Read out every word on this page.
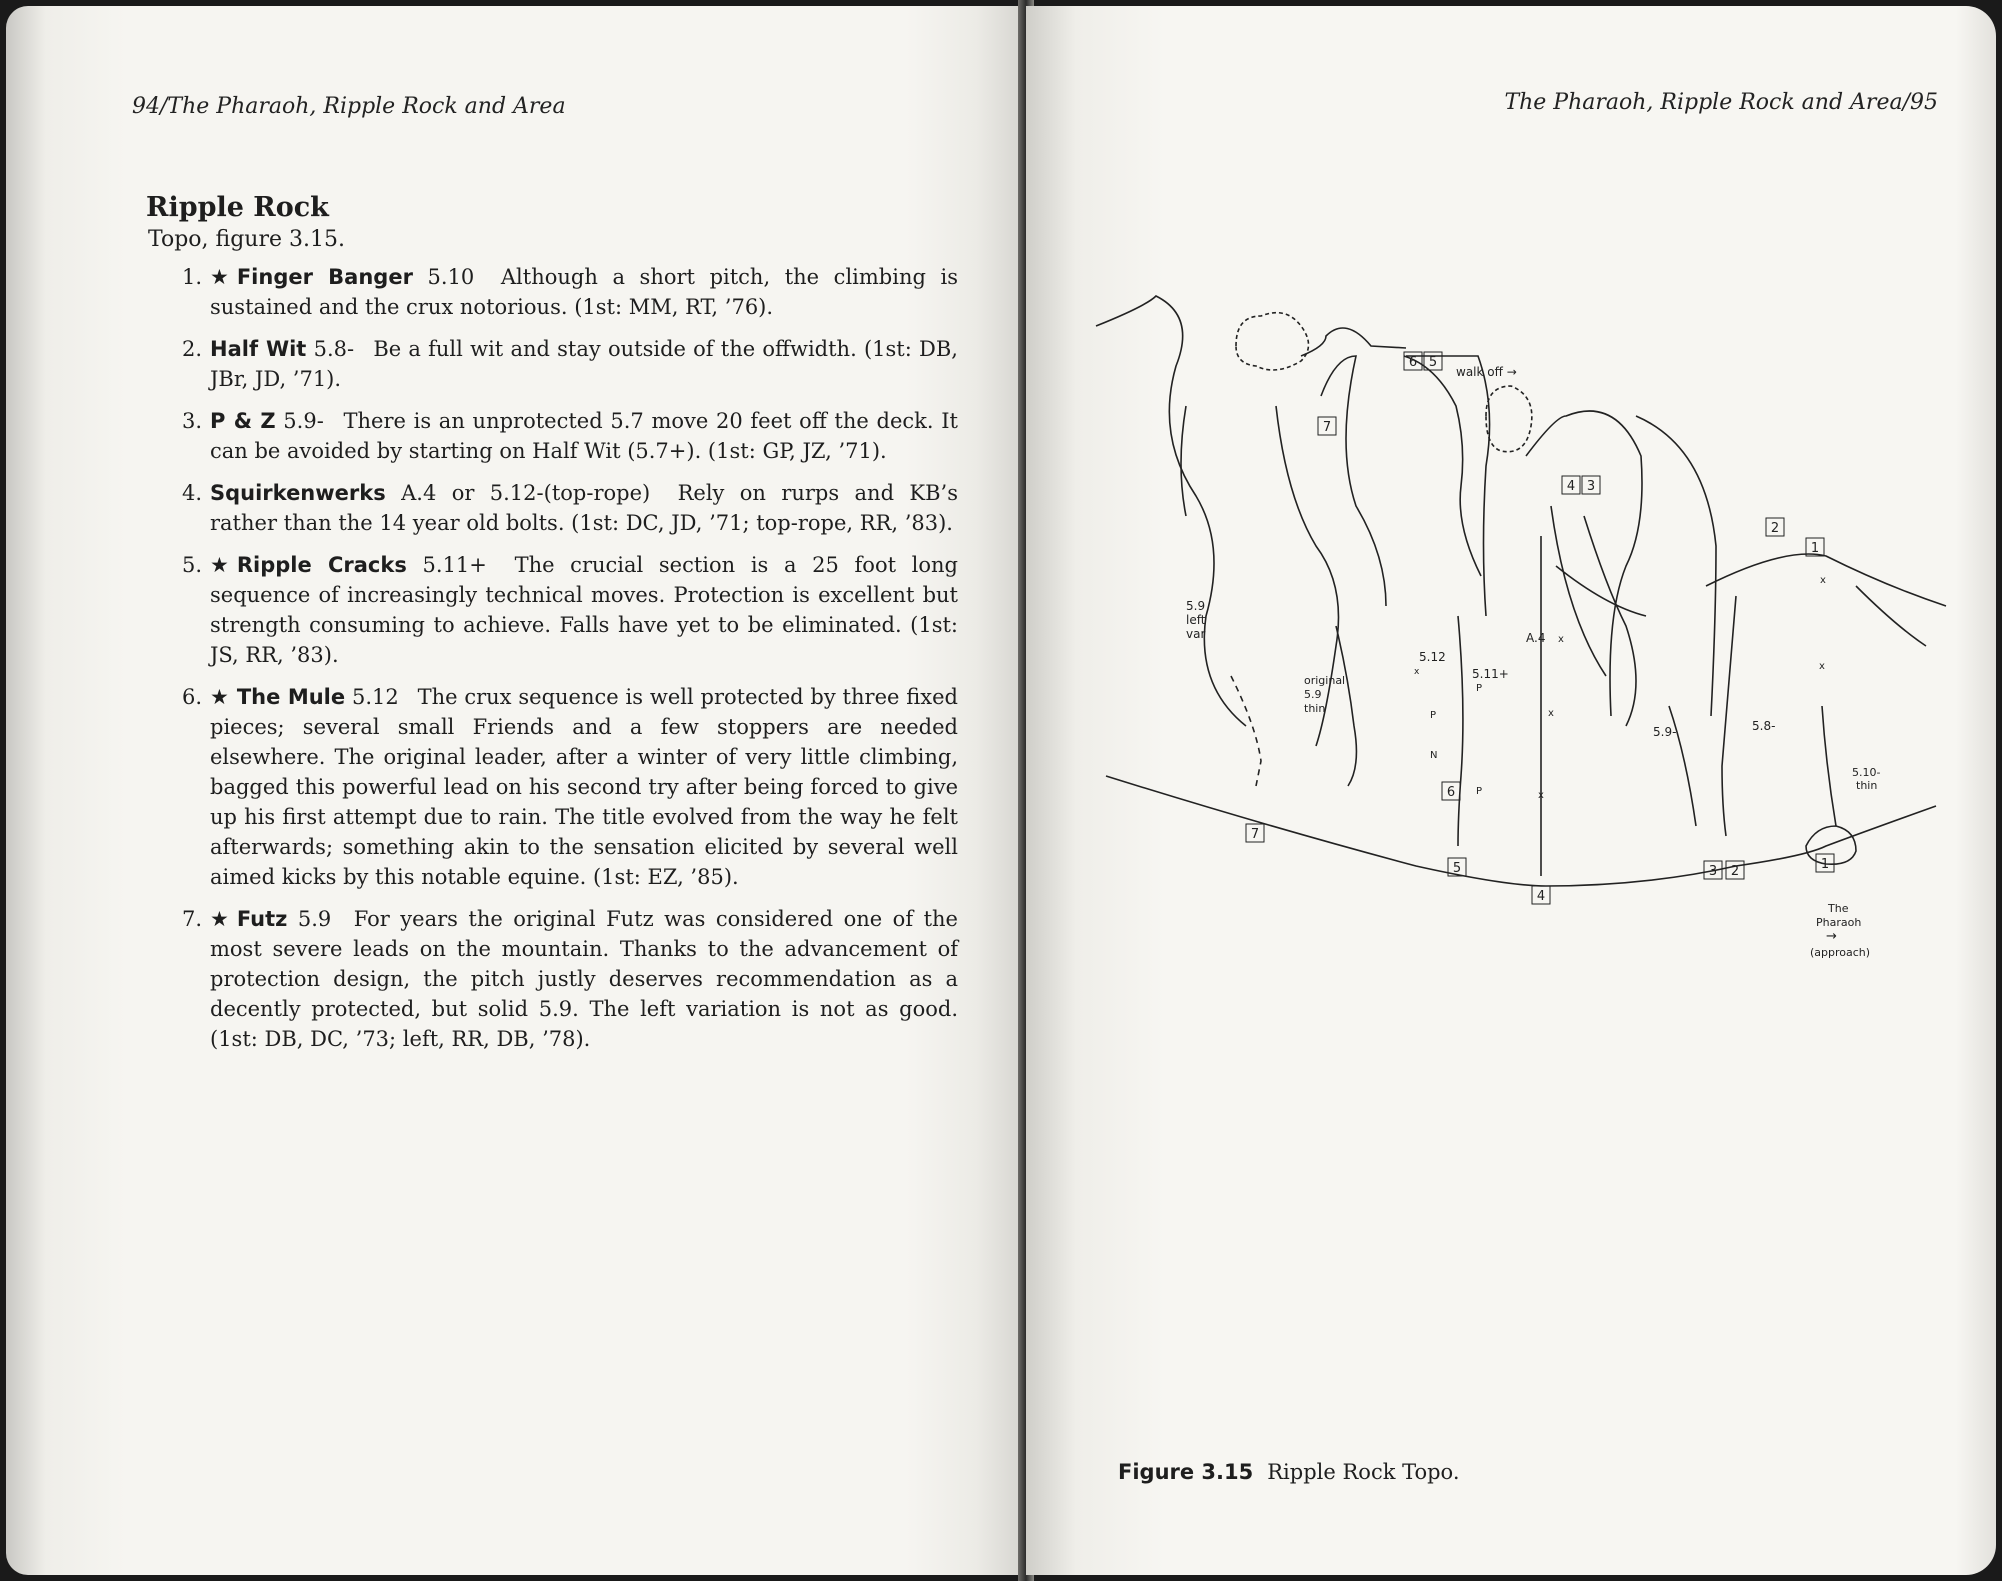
94/The Pharaoh, Ripple Rock and Area
Ripple Rock
Topo, figure 3.15.
1. ★ Finger Banger 5.10 Although a short pitch, the climbing is sustained and the crux notorious. (1st: MM, RT, ’76).
2. Half Wit 5.8- Be a full wit and stay outside of the offwidth. (1st: DB, JBr, JD, ’71).
3. P & Z 5.9- There is an unprotected 5.7 move 20 feet off the deck. It can be avoided by starting on Half Wit (5.7+). (1st: GP, JZ, ’71).
4. Squirkenwerks A.4 or 5.12-(top-rope) Rely on rurps and KB’s rather than the 14 year old bolts. (1st: DC, JD, ’71; top-rope, RR, ’83).
5. ★ Ripple Cracks 5.11+ The crucial section is a 25 foot long sequence of increasingly technical moves. Protection is excellent but strength consuming to achieve. Falls have yet to be eliminated. (1st: JS, RR, ’83).
6. ★ The Mule 5.12 The crux sequence is well protected by three fixed pieces; several small Friends and a few stoppers are needed elsewhere. The original leader, after a winter of very little climbing, bagged this powerful lead on his second try after being forced to give up his first attempt due to rain. The title evolved from the way he felt afterwards; something akin to the sensation elicited by several well aimed kicks by this notable equine. (1st: EZ, ’85).
7. ★ Futz 5.9 For years the original Futz was considered one of the most severe leads on the mountain. Thanks to the advancement of protection design, the pitch justly deserves recommendation as a decently protected, but solid 5.9. The left variation is not as good. (1st: DB, DC, ’73; left, RR, DB, ’78).
The Pharaoh, Ripple Rock and Area/95
6 5
7
4 3
2
1
6
7
5
4
3 2	1
walk off →
5.9
left
var
original
5.9
thin
5.12
5.11+
P
P
N
P
A.4
5.9-	5.8-
5.10-
thin
The
Pharaoh
→
(approach)
x
x
x
x
x
x
Figure 3.15 Ripple Rock Topo.
